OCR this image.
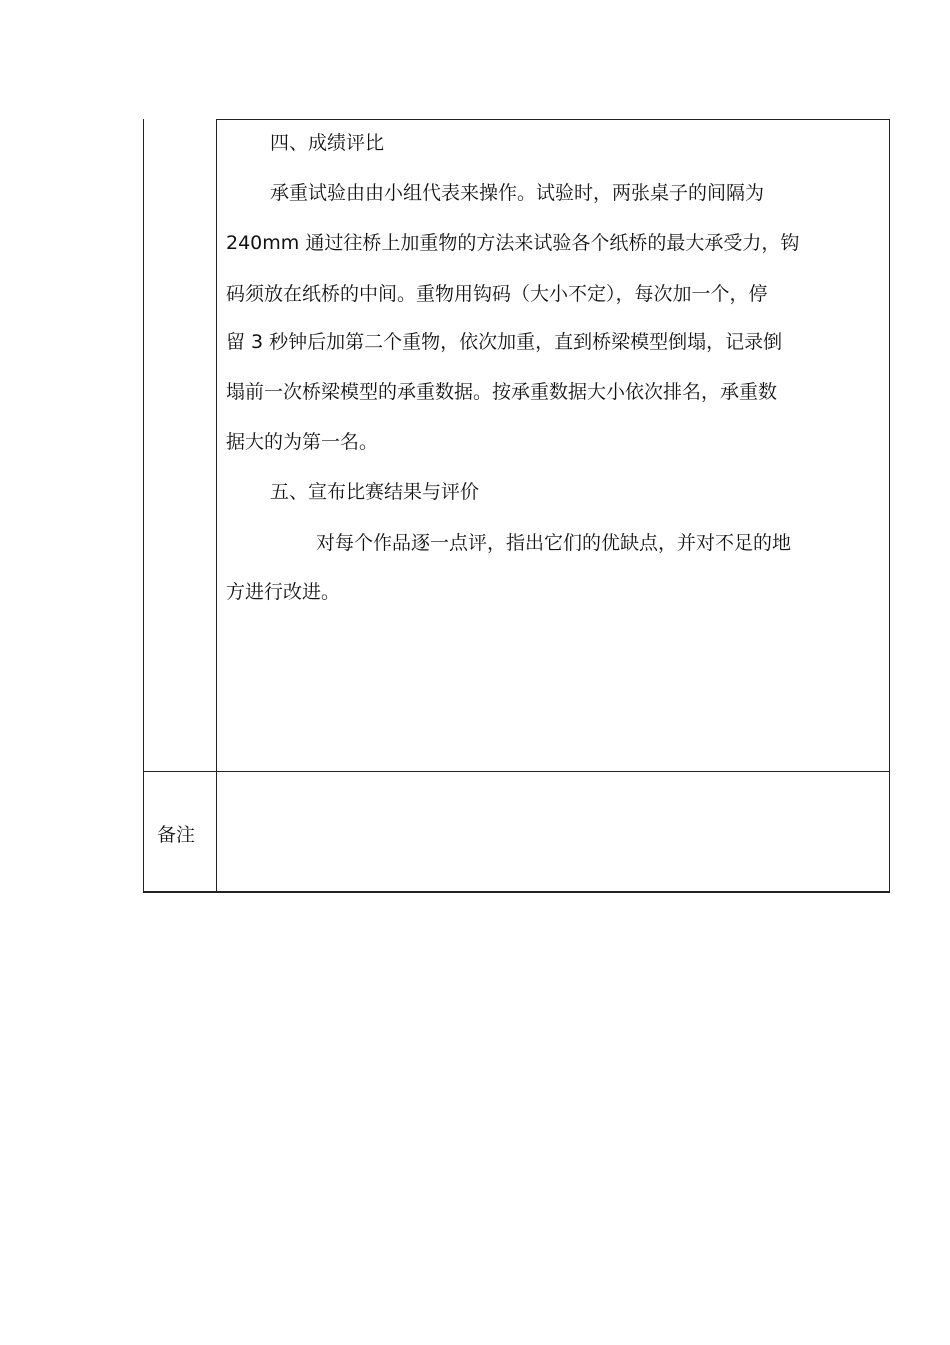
四、成绩评比
承重试验由由小组代表来操作。试验时，两张桌子的间隔为
240mm 通过往桥上加重物的方法来试验各个纸桥的最大承受力，钩
码须放在纸桥的中间。重物用钩码（大小不定），每次加一个，停
留 3 秒钟后加第二个重物，依次加重，直到桥梁模型倒塌，记录倒
塌前一次桥梁模型的承重数据。按承重数据大小依次排名，承重数
据大的为第一名。
五、宣布比赛结果与评价
对每个作品逐一点评，指出它们的优缺点，并对不足的地
方进行改进。
备注
